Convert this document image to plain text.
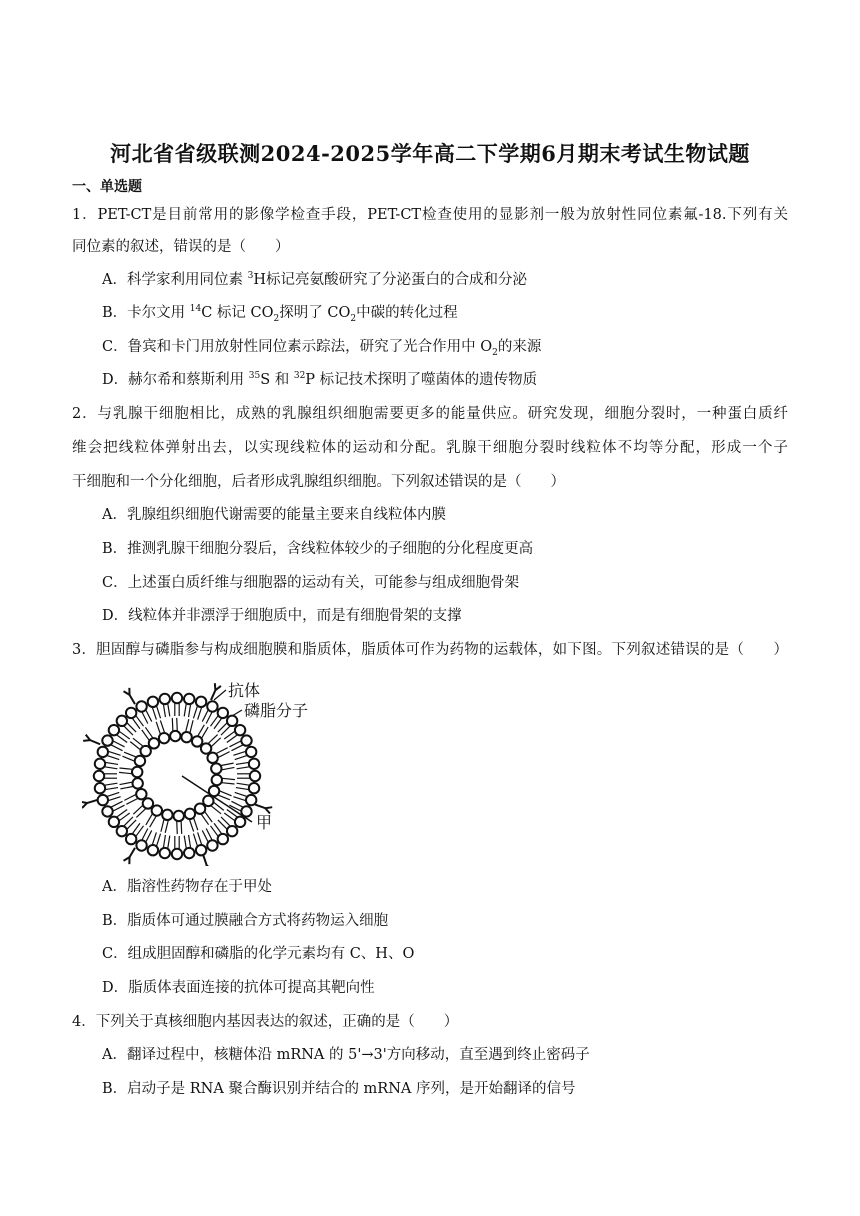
河北省省级联测2024-2025学年高二下学期6月期末考试生物试题
一、单选题
1．PET-CT是目前常用的影像学检查手段，PET-CT检查使用的显影剂一般为放射性同位素氟-18.下列有关
同位素的叙述，错误的是（　　）
A．科学家利用同位素 $^3$H标记亮氨酸研究了分泌蛋白的合成和分泌
B．卡尔文用 $^{14}$C 标记 $CO_2$探明了 $CO_2$中碳的转化过程
C．鲁宾和卡门用放射性同位素示踪法，研究了光合作用中 $O_2$的来源
D．赫尔希和蔡斯利用 $^{35}$S 和 $^{32}$P 标记技术探明了噬菌体的遗传物质
2．与乳腺干细胞相比，成熟的乳腺组织细胞需要更多的能量供应。研究发现，细胞分裂时，一种蛋白质纤
维会把线粒体弹射出去，以实现线粒体的运动和分配。乳腺干细胞分裂时线粒体不均等分配，形成一个子
干细胞和一个分化细胞，后者形成乳腺组织细胞。下列叙述错误的是（　　）
A．乳腺组织细胞代谢需要的能量主要来自线粒体内膜
B．推测乳腺干细胞分裂后，含线粒体较少的子细胞的分化程度更高
C．上述蛋白质纤维与细胞器的运动有关，可能参与组成细胞骨架
D．线粒体并非漂浮于细胞质中，而是有细胞骨架的支撑
3．胆固醇与磷脂参与构成细胞膜和脂质体，脂质体可作为药物的运载体，如下图。下列叙述错误的是（　　）
抗体
磷脂分子
甲
A．脂溶性药物存在于甲处
B．脂质体可通过膜融合方式将药物运入细胞
C．组成胆固醇和磷脂的化学元素均有 C、H、O
D．脂质体表面连接的抗体可提高其靶向性
4．下列关于真核细胞内基因表达的叙述，正确的是（　　）
A．翻译过程中，核糖体沿 mRNA 的 5'→3'方向移动，直至遇到终止密码子
B．启动子是 RNA 聚合酶识别并结合的 mRNA 序列，是开始翻译的信号
